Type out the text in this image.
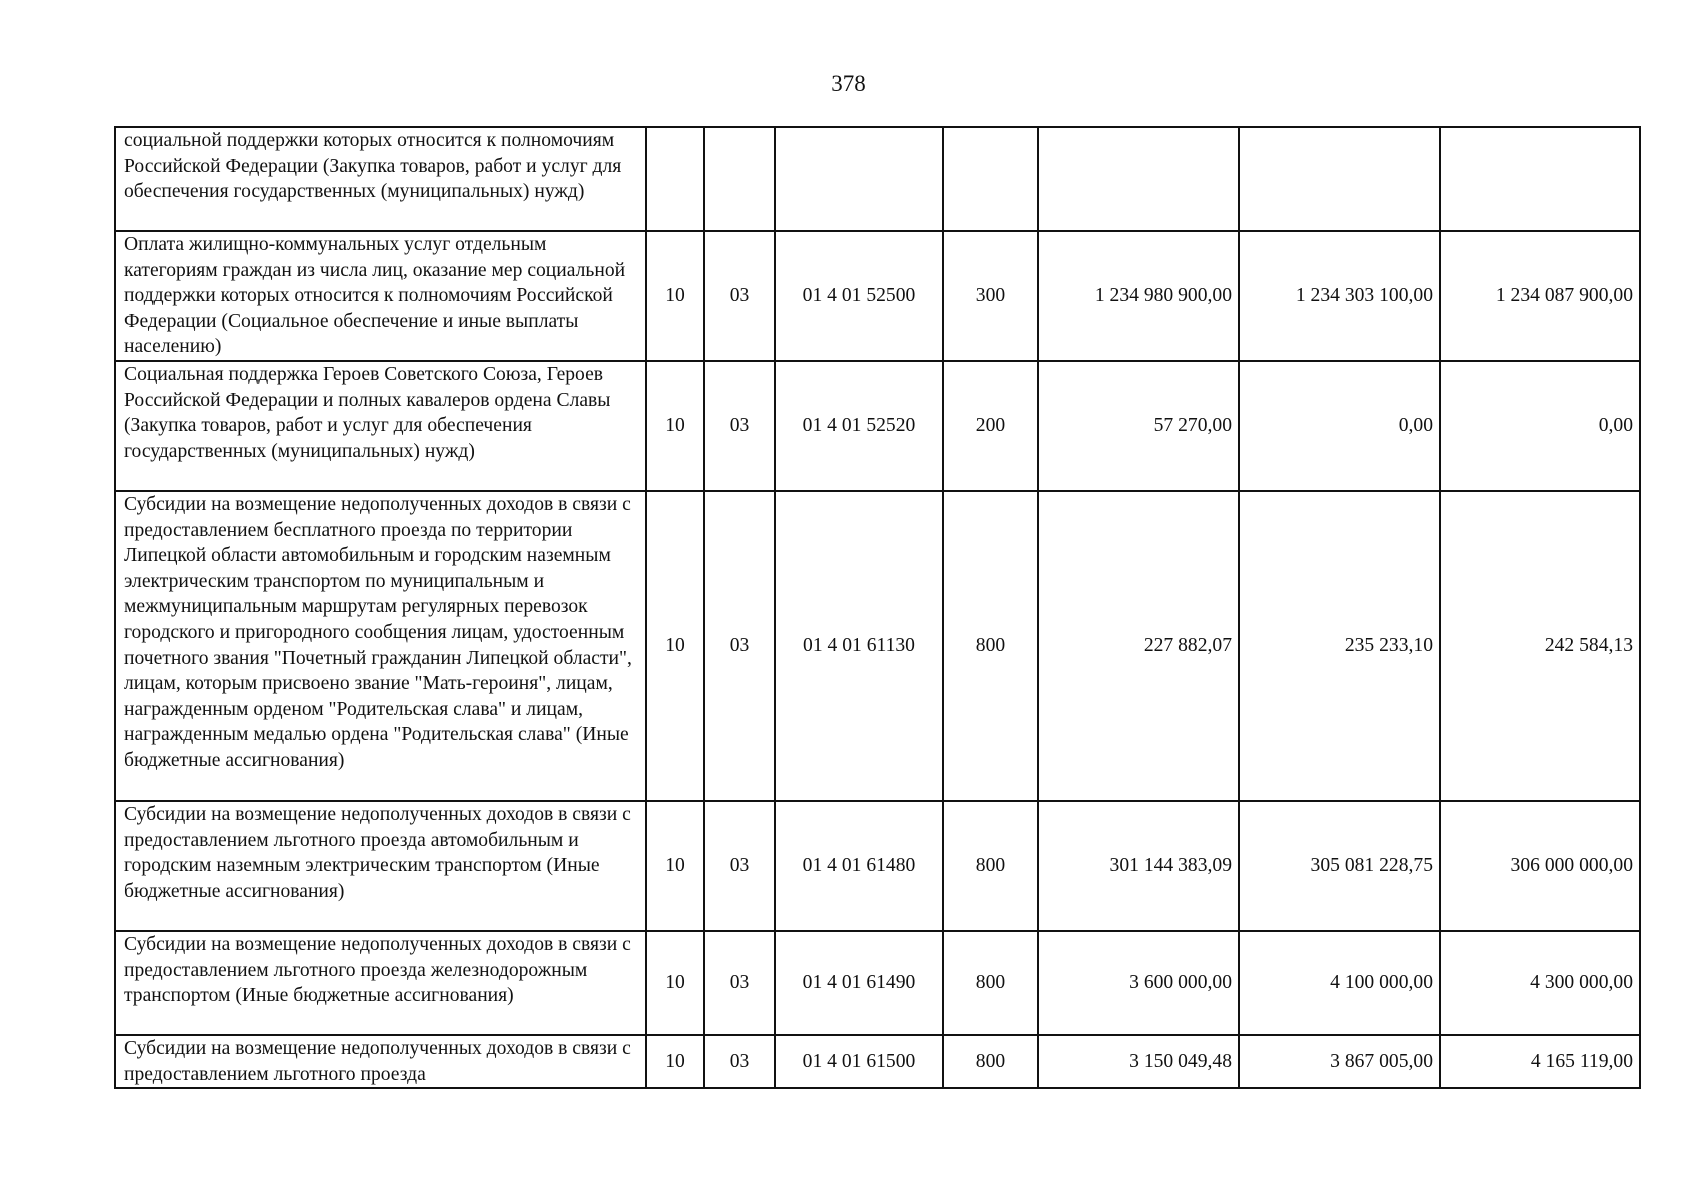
378
социальной поддержки которых относится к полномочиям Российской Федерации (Закупка товаров, работ и услуг для обеспечения государственных (муниципальных) нужд)							
Оплата жилищно-коммунальных услуг отдельным категориям граждан из числа лиц, оказание мер социальной поддержки которых относится к полномочиям Российской Федерации (Социальное обеспечение и иные выплаты населению)	10	03	01 4 01 52500	300	1 234 980 900,00	1 234 303 100,00	1 234 087 900,00
Социальная поддержка Героев Советского Союза, Героев Российской Федерации и полных кавалеров ордена Славы (Закупка товаров, работ и услуг для обеспечения государственных (муниципальных) нужд)	10	03	01 4 01 52520	200	57 270,00	0,00	0,00
Субсидии на возмещение недополученных доходов в связи с предоставлением бесплатного проезда по территории Липецкой области автомобильным и городским наземным электрическим транспортом по муниципальным и межмуниципальным маршрутам регулярных перевозок городского и пригородного сообщения лицам, удостоенным почетного звания "Почетный гражданин Липецкой области", лицам, которым присвоено звание "Мать-героиня", лицам, награжденным орденом "Родительская слава" и лицам, награжденным медалью ордена "Родительская слава" (Иные бюджетные ассигнования)	10	03	01 4 01 61130	800	227 882,07	235 233,10	242 584,13
Субсидии на возмещение недополученных доходов в связи с предоставлением льготного проезда автомобильным и городским наземным электрическим транспортом (Иные бюджетные ассигнования)	10	03	01 4 01 61480	800	301 144 383,09	305 081 228,75	306 000 000,00
Субсидии на возмещение недополученных доходов в связи с предоставлением льготного проезда железнодорожным транспортом (Иные бюджетные ассигнования)	10	03	01 4 01 61490	800	3 600 000,00	4 100 000,00	4 300 000,00
Субсидии на возмещение недополученных доходов в связи с предоставлением льготного проезда	10	03	01 4 01 61500	800	3 150 049,48	3 867 005,00	4 165 119,00
